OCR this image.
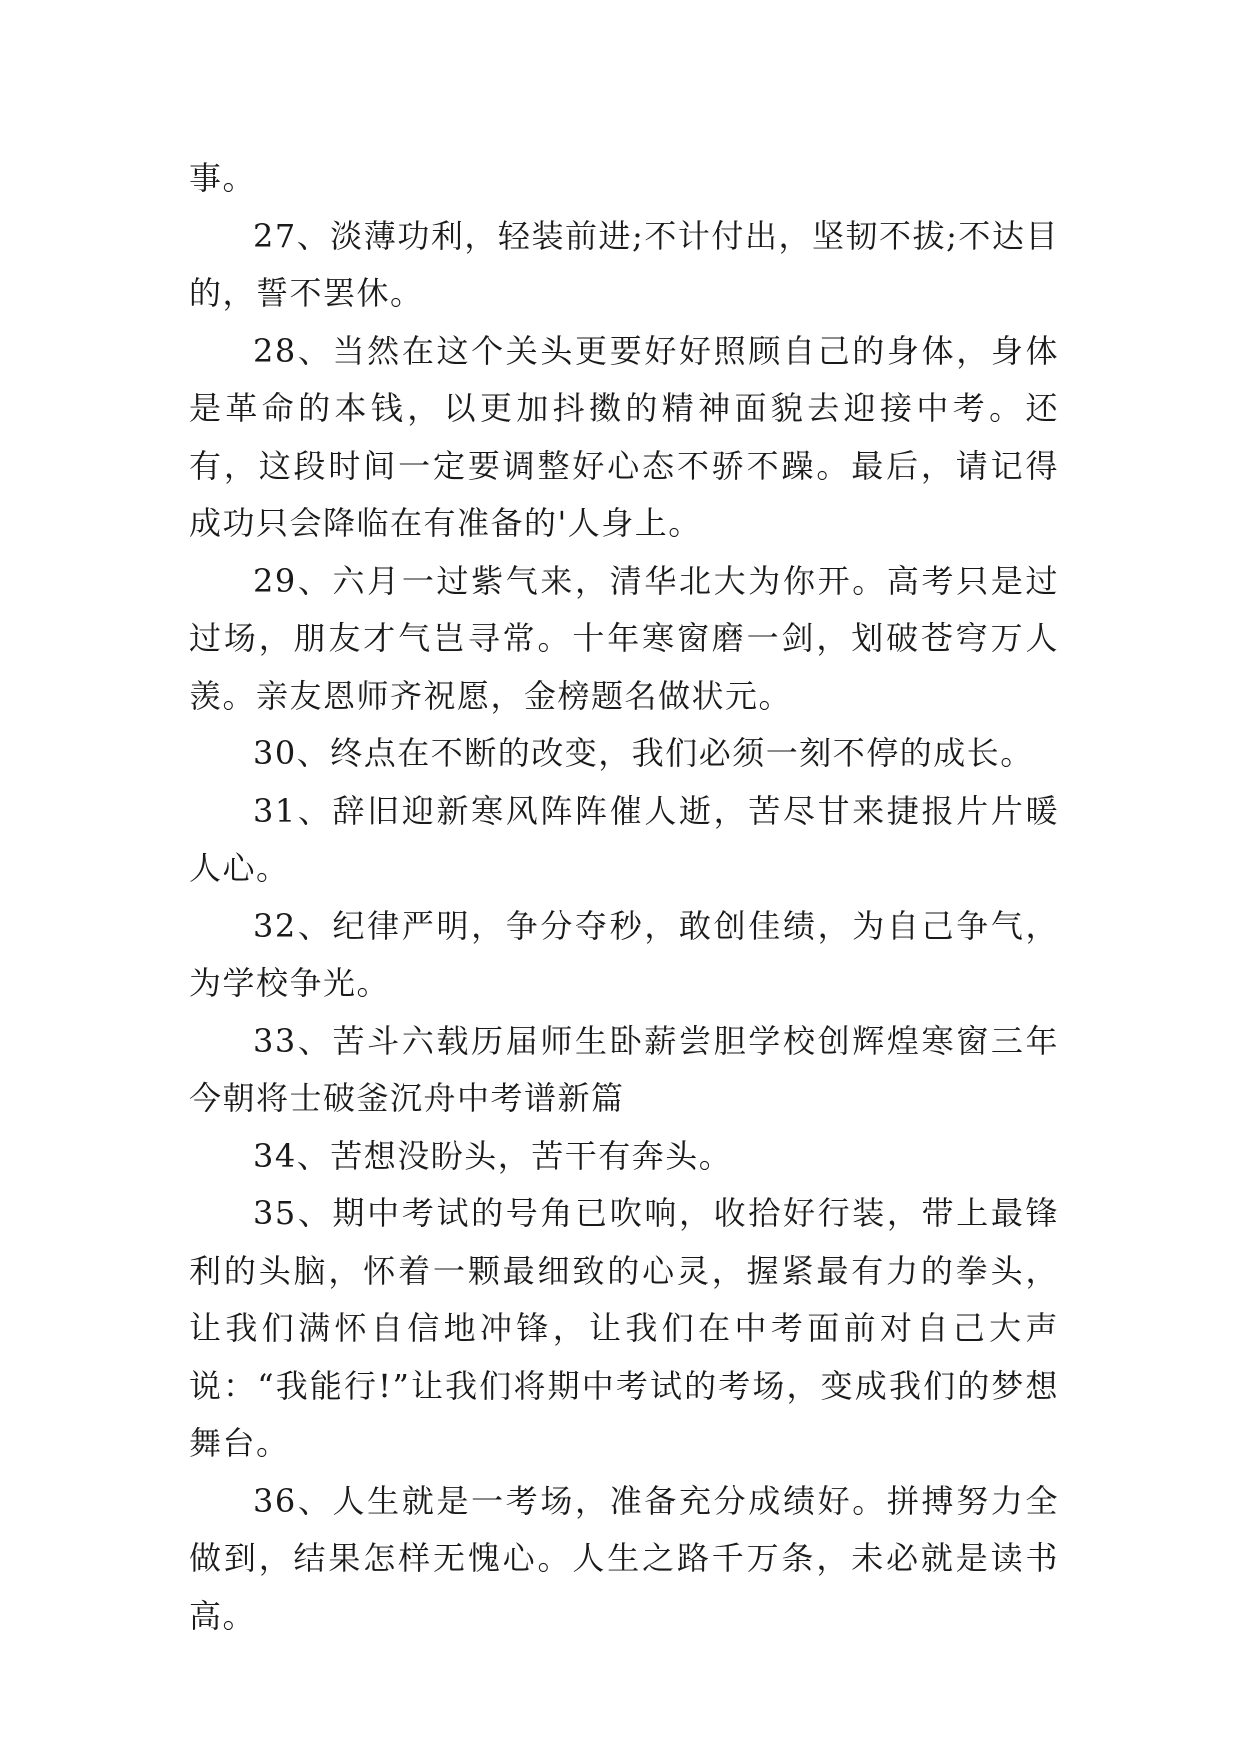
事。

27、淡薄功利，轻装前进;不计付出，坚韧不拔;不达目的，誓不罢休。

28、当然在这个关头更要好好照顾自己的身体，身体是革命的本钱，以更加抖擞的精神面貌去迎接中考。还有，这段时间一定要调整好心态不骄不躁。最后，请记得成功只会降临在有准备的'人身上。

29、六月一过紫气来，清华北大为你开。高考只是过过场，朋友才气岂寻常。十年寒窗磨一剑，划破苍穹万人羡。亲友恩师齐祝愿，金榜题名做状元。

30、终点在不断的改变，我们必须一刻不停的成长。

31、辞旧迎新寒风阵阵催人逝，苦尽甘来捷报片片暖人心。

32、纪律严明，争分夺秒，敢创佳绩，为自己争气，为学校争光。

33、苦斗六载历届师生卧薪尝胆学校创辉煌寒窗三年今朝将士破釜沉舟中考谱新篇

34、苦想没盼头，苦干有奔头。

35、期中考试的号角已吹响，收拾好行装，带上最锋利的头脑，怀着一颗最细致的心灵，握紧最有力的拳头，让我们满怀自信地冲锋，让我们在中考面前对自己大声说：“我能行!”让我们将期中考试的考场，变成我们的梦想舞台。

36、人生就是一考场，准备充分成绩好。拼搏努力全做到，结果怎样无愧心。人生之路千万条，未必就是读书高。
